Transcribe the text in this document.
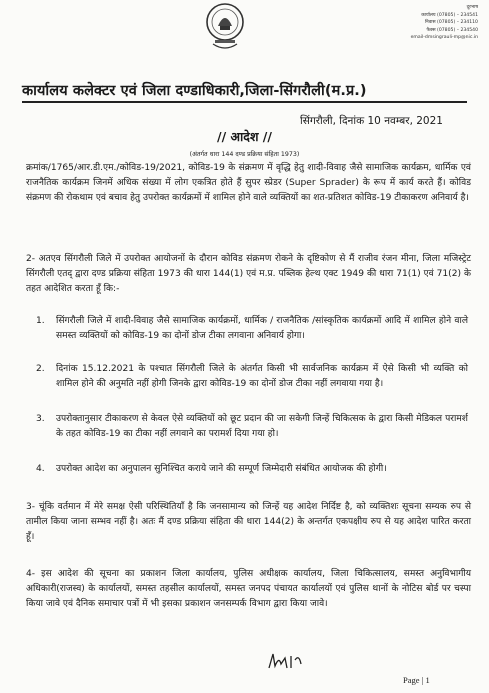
दूरभाष
कार्यालय (07805) – 234541
निवास (07805) – 234110
फैक्स (07805) – 234540
email-dmsingrauli-mp@nic.in
कार्यालय कलेक्टर एवं जिला दण्डाधिकारी,जिला-सिंगरौली(म.प्र.)
सिंगरौली, दिनांक 10 नवम्बर, 2021
// आदेश //
(अंतर्गत धारा 144 दण्ड प्रक्रिया संहिता 1973)
क्रमांक/1765/आर.डी.एम./कोविड-19/2021, कोविड-19 के संक्रमण में वृद्धि हेतु शादी-विवाह जैसे सामाजिक कार्यक्रम, धार्मिक एवं राजनैतिक कार्यक्रम जिनमें अधिक संख्या में लोग एकत्रित होते हैं सुपर स्प्रेडर (Super Sprader) के रूप में कार्य करते हैं। कोविड संक्रमण की रोकथाम एवं बचाव हेतु उपरोक्त कार्यक्रमों में शामिल होने वाले व्यक्तियों का शत-प्रतिशत कोविड-19 टीकाकरण अनिवार्य है।
2- अतएव सिंगरौली जिले में उपरोक्त आयोजनों के दौरान कोविड संक्रमण रोकने के दृष्टिकोण से मैं राजीव रंजन मीना, जिला मजिस्ट्रेट सिंगरौली एतद् द्वारा दण्ड प्रक्रिया संहिता 1973 की धारा 144(1) एवं म.प्र. पब्लिक हेल्थ एक्ट 1949 की धारा 71(1) एवं 71(2) के तहत आदेशित करता हूँ कि:-
1. सिंगरौली जिले में शादी-विवाह जैसे सामाजिक कार्यक्रमों, धार्मिक / राजनैतिक /सांस्कृतिक कार्यक्रमों आदि में शामिल होने वाले समस्त व्यक्तियों को कोविड-19 का दोनों डोज टीका लगवाना अनिवार्य होगा।
2. दिनांक 15.12.2021 के पश्चात सिंगरौली जिले के अंतर्गत किसी भी सार्वजनिक कार्यक्रम में ऐसे किसी भी व्यक्ति को शामिल होने की अनुमति नहीं होगी जिनके द्वारा कोविड-19 का दोनों डोज टीका नहीं लगवाया गया है।
3. उपरोक्तानुसार टीकाकरण से केवल ऐसे व्यक्तियों को छूट प्रदान की जा सकेगी जिन्हें चिकित्सक के द्वारा किसी मेडिकल परामर्श के तहत कोविड-19 का टीका नहीं लगवाने का परामर्श दिया गया हो।
4. उपरोक्त आदेश का अनुपालन सुनिश्चित कराये जाने की सम्पूर्ण जिम्मेदारी संबंधित आयोजक की होगी।
3- चूंकि वर्तमान में मेरे समक्ष ऐसी परिस्थितियाँ है कि जनसामान्य को जिन्हें यह आदेश निर्दिष्ट है, को व्यक्तिशः सूचना सम्यक रुप से तामील किया जाना सम्भव नहीं है। अतः मैं दण्ड प्रक्रिया संहिता की धारा 144(2) के अन्तर्गत एकपक्षीय रुप से यह आदेश पारित करता हूँ।
4- इस आदेश की सूचना का प्रकाशन जिला कार्यालय, पुलिस अधीक्षक कार्यालय, जिला चिकित्सालय, समस्त अनुविभागीय अधिकारी(राजस्व) के कार्यालयों, समस्त तहसील कार्यालयों, समस्त जनपद पंचायत कार्यालयों एवं पुलिस थानों के नोटिस बोर्ड पर चस्पा किया जावे एवं दैनिक समाचार पत्रों में भी इसका प्रकाशन जनसम्पर्क विभाग द्वारा किया जावे।
Page | 1
